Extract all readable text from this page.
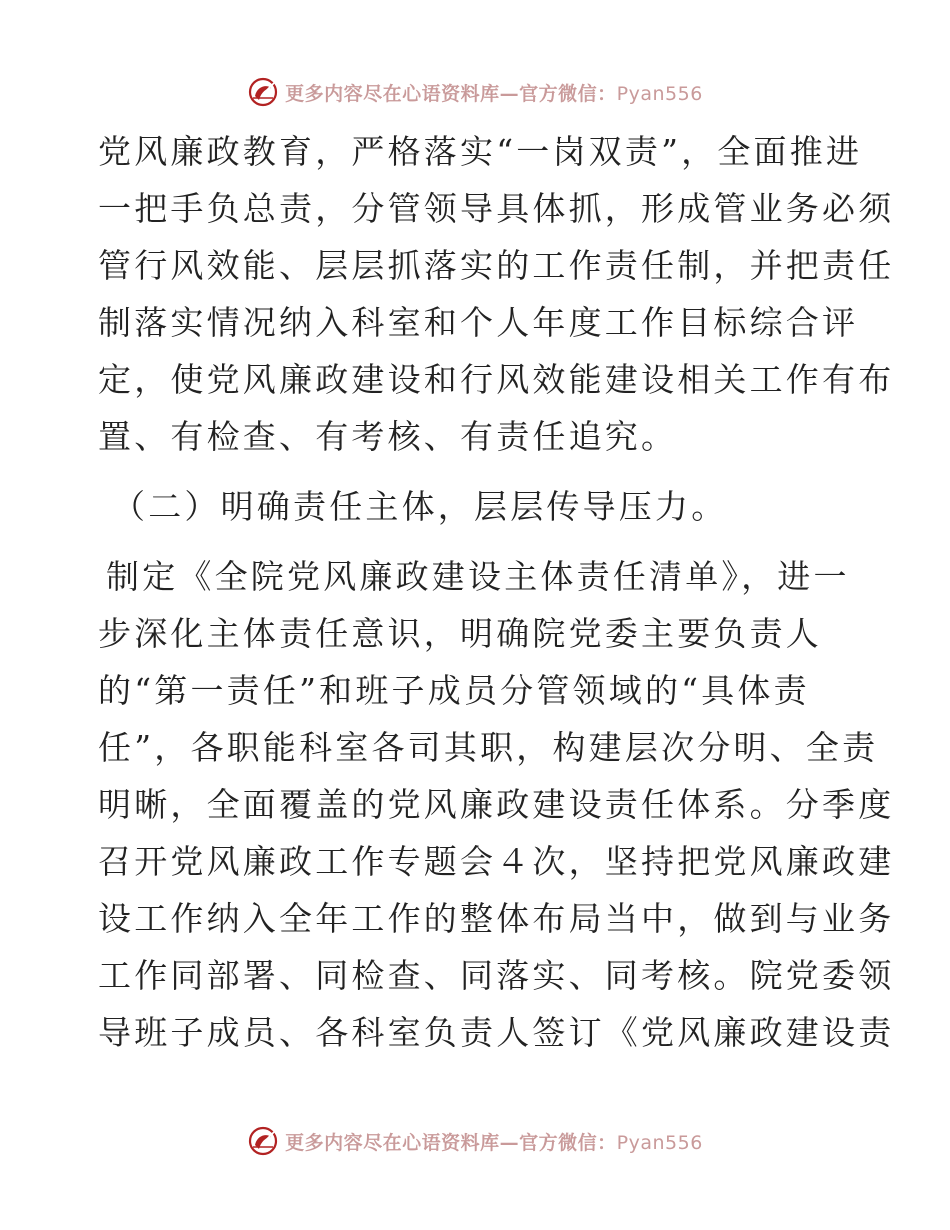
更多内容尽在心语资料库—官方微信：Pyan556
党风廉政教育，严格落实“一岗双责”，全面推进
一把手负总责，分管领导具体抓，形成管业务必须
管行风效能、层层抓落实的工作责任制，并把责任
制落实情况纳入科室和个人年度工作目标综合评
定，使党风廉政建设和行风效能建设相关工作有布
置、有检查、有考核、有责任追究。
（二）明确责任主体，层层传导压力。
制定《全院党风廉政建设主体责任清单》，进一
步深化主体责任意识，明确院党委主要负责人
的“第一责任”和班子成员分管领域的“具体责
任”，各职能科室各司其职，构建层次分明、全责
明晰，全面覆盖的党风廉政建设责任体系。分季度
召开党风廉政工作专题会４次，坚持把党风廉政建
设工作纳入全年工作的整体布局当中，做到与业务
工作同部署、同检查、同落实、同考核。院党委领
导班子成员、各科室负责人签订《党风廉政建设责
更多内容尽在心语资料库—官方微信：Pyan556
